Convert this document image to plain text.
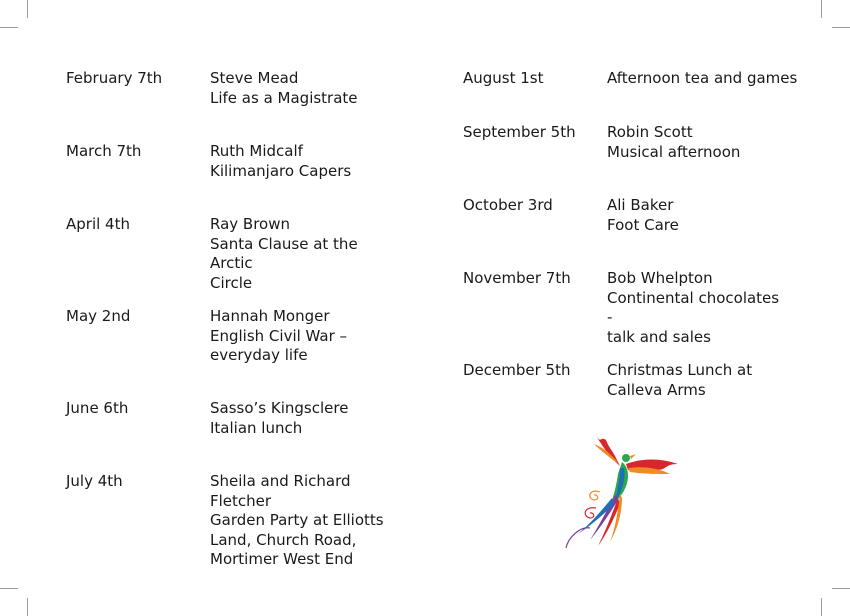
February 7th	Steve Mead
Life as a Magistrate
March 7th	Ruth Midcalf
Kilimanjaro Capers
April 4th	Ray Brown
Santa Clause at the Arctic
Circle
May 2nd	Hannah Monger
English Civil War –
everyday life
June 6th	Sasso’s Kingsclere
Italian lunch
July 4th	Sheila and Richard Fletcher
Garden Party at Elliotts
Land, Church Road,
Mortimer West End
August 1st	Afternoon tea and games
September 5th Robin Scott
Musical afternoon
October 3rd	Ali Baker
Foot Care
November 7th Bob Whelpton
Continental chocolates -
talk and sales
December 5th Christmas Lunch at
Calleva Arms
